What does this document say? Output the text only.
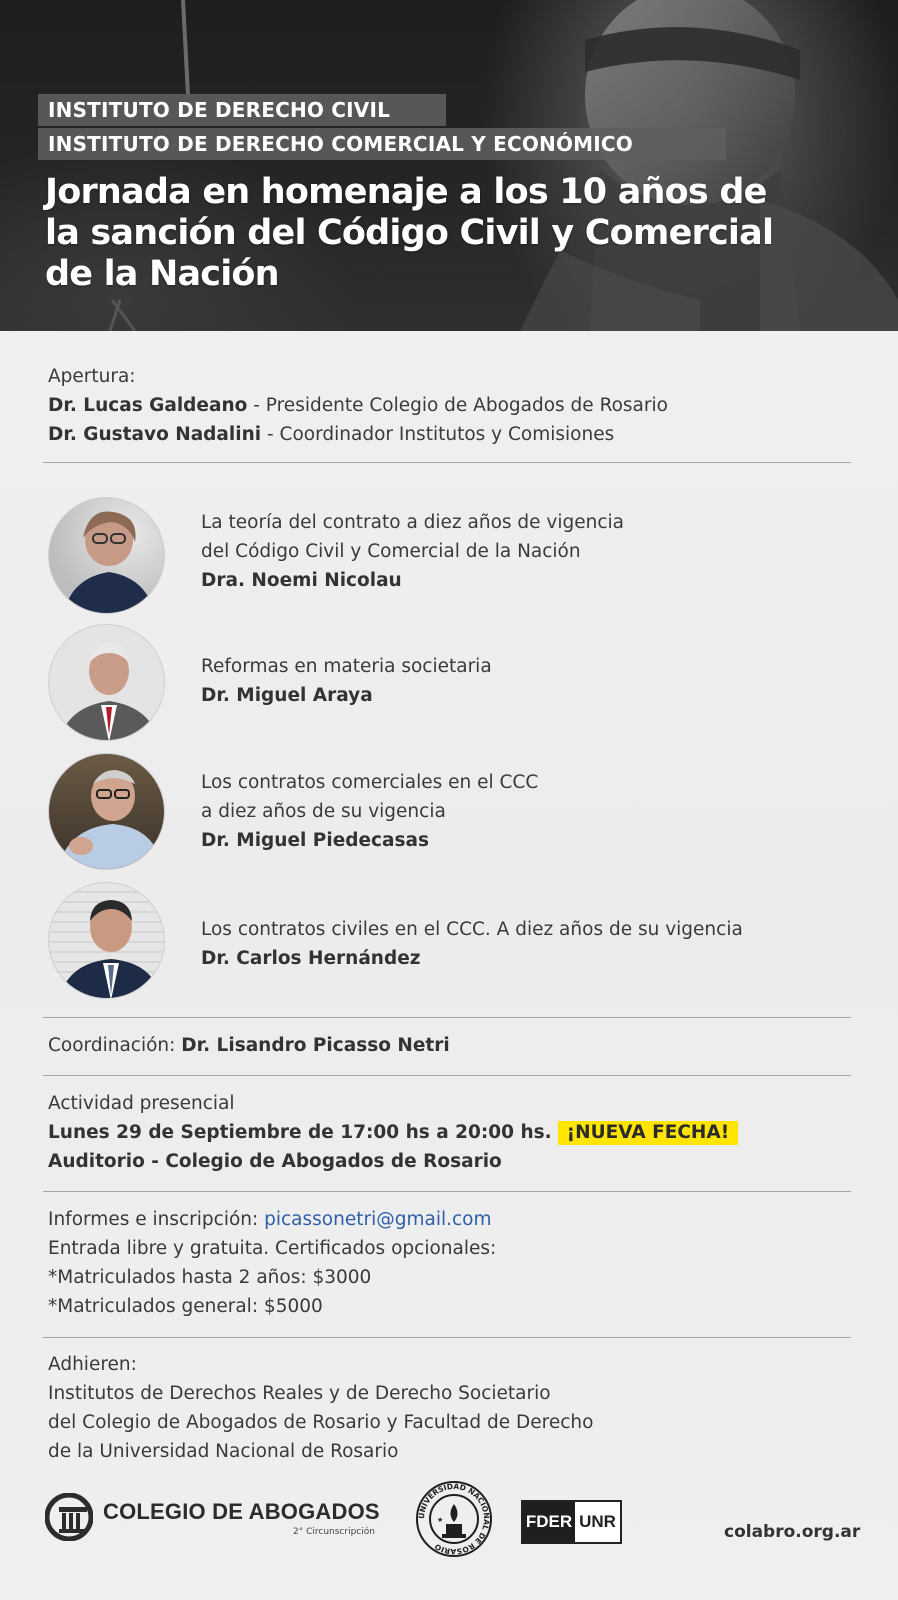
INSTITUTO DE DERECHO CIVIL
INSTITUTO DE DERECHO COMERCIAL Y ECONÓMICO
Jornada en homenaje a los 10 años de
la sanción del Código Civil y Comercial
de la Nación
Apertura:
Dr. Lucas Galdeano - Presidente Colegio de Abogados de Rosario
Dr. Gustavo Nadalini - Coordinador Institutos y Comisiones
La teoría del contrato a diez años de vigencia
del Código Civil y Comercial de la Nación
Dra. Noemi Nicolau
Reformas en materia societaria
Dr. Miguel Araya
Los contratos comerciales en el CCC
a diez años de su vigencia
Dr. Miguel Piedecasas
Los contratos civiles en el CCC. A diez años de su vigencia
Dr. Carlos Hernández
Coordinación: Dr. Lisandro Picasso Netri
Actividad presencial
Lunes 29 de Septiembre de 17:00 hs a 20:00 hs. ¡NUEVA FECHA!
Auditorio - Colegio de Abogados de Rosario
Informes e inscripción: picassonetri@gmail.com
Entrada libre y gratuita. Certificados opcionales:
*Matriculados hasta 2 años: $3000
*Matriculados general: $5000
Adhieren:
Institutos de Derechos Reales y de Derecho Societario
del Colegio de Abogados de Rosario y Facultad de Derecho
de la Universidad Nacional de Rosario
COLEGIO DE ABOGADOS
2° Circunscripción
UNIVERSIDAD NACIONAL DE ROSARIO
★	FDER UNR
colabro.org.ar
